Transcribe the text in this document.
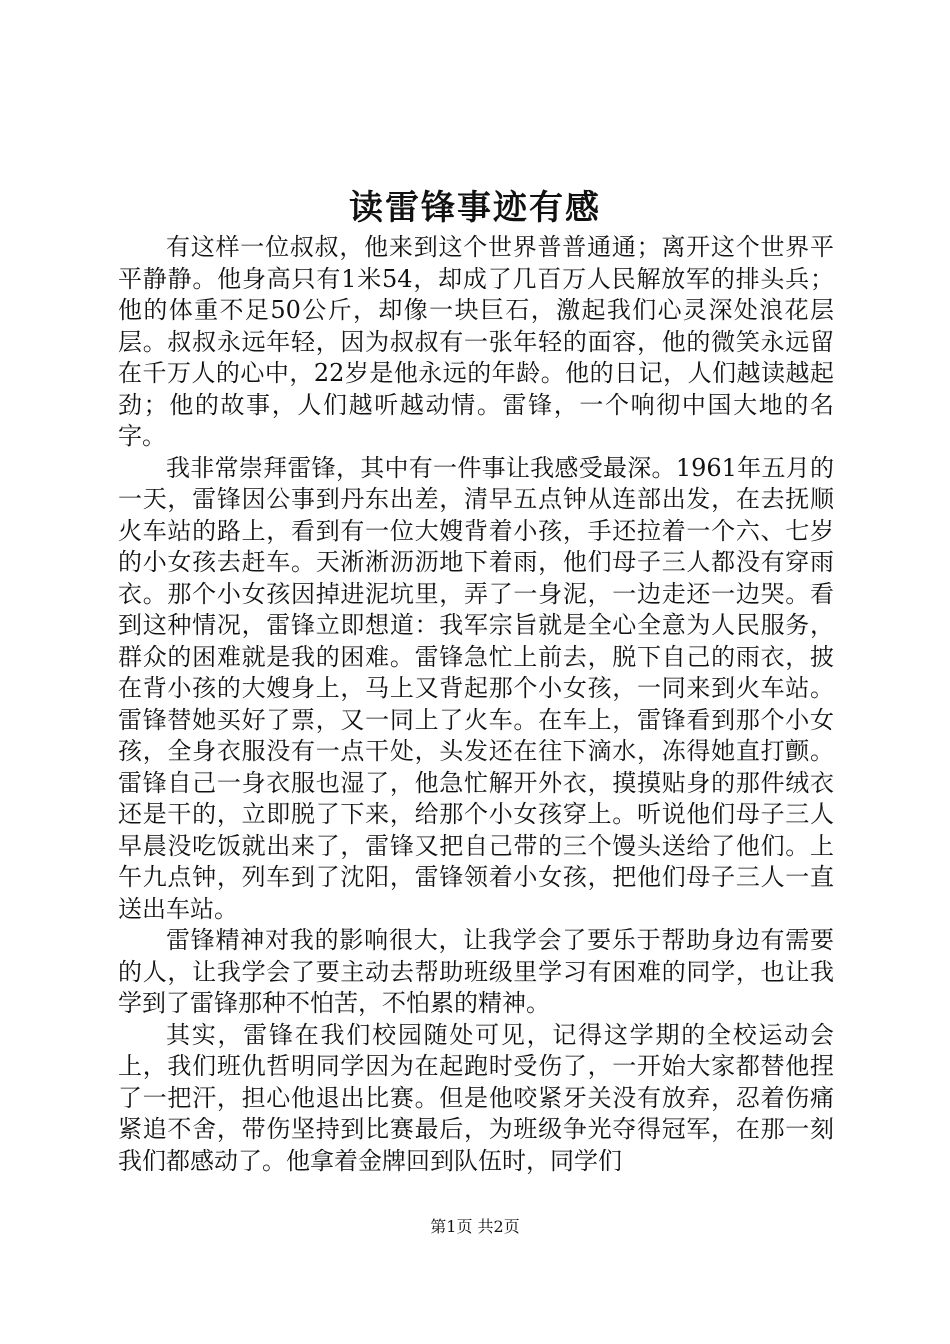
读雷锋事迹有感

有这样一位叔叔，他来到这个世界普普通通；离开这个世界平平静静。他身高只有1米54，却成了几百万人民解放军的排头兵；他的体重不足50公斤，却像一块巨石，激起我们心灵深处浪花层层。叔叔永远年轻，因为叔叔有一张年轻的面容，他的微笑永远留在千万人的心中，22岁是他永远的年龄。他的日记，人们越读越起劲；他的故事，人们越听越动情。雷锋，一个响彻中国大地的名字。

我非常崇拜雷锋，其中有一件事让我感受最深。1961年五月的一天，雷锋因公事到丹东出差，清早五点钟从连部出发，在去抚顺火车站的路上，看到有一位大嫂背着小孩，手还拉着一个六、七岁的小女孩去赶车。天淅淅沥沥地下着雨，他们母子三人都没有穿雨衣。那个小女孩因掉进泥坑里，弄了一身泥，一边走还一边哭。看到这种情况，雷锋立即想道：我军宗旨就是全心全意为人民服务，群众的困难就是我的困难。雷锋急忙上前去，脱下自己的雨衣，披在背小孩的大嫂身上，马上又背起那个小女孩，一同来到火车站。雷锋替她买好了票，又一同上了火车。在车上，雷锋看到那个小女孩，全身衣服没有一点干处，头发还在往下滴水，冻得她直打颤。雷锋自己一身衣服也湿了，他急忙解开外衣，摸摸贴身的那件绒衣还是干的，立即脱了下来，给那个小女孩穿上。听说他们母子三人早晨没吃饭就出来了，雷锋又把自己带的三个馒头送给了他们。上午九点钟，列车到了沈阳，雷锋领着小女孩，把他们母子三人一直送出车站。

雷锋精神对我的影响很大，让我学会了要乐于帮助身边有需要的人，让我学会了要主动去帮助班级里学习有困难的同学，也让我学到了雷锋那种不怕苦，不怕累的精神。

其实，雷锋在我们校园随处可见，记得这学期的全校运动会上，我们班仇哲明同学因为在起跑时受伤了，一开始大家都替他捏了一把汗，担心他退出比赛。但是他咬紧牙关没有放弃，忍着伤痛紧追不舍，带伤坚持到比赛最后，为班级争光夺得冠军，在那一刻我们都感动了。他拿着金牌回到队伍时，同学们

第1页 共2页
